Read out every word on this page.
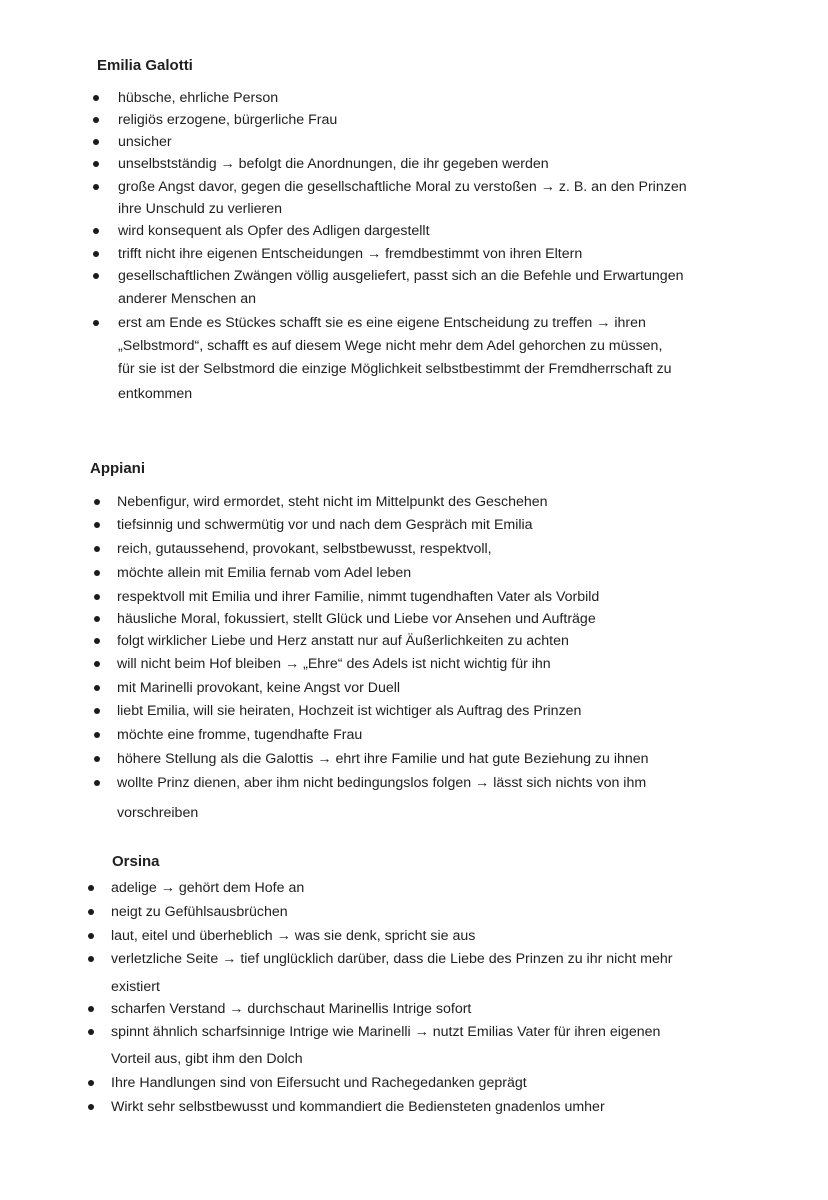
Emilia Galotti

hübsche, ehrliche Person

religiös erzogene, bürgerliche Frau

unsicher

unselbstständig → befolgt die Anordnungen, die ihr gegeben werden

große Angst davor, gegen die gesellschaftliche Moral zu verstoßen → z. B. an den Prinzen

ihre Unschuld zu verlieren

wird konsequent als Opfer des Adligen dargestellt

trifft nicht ihre eigenen Entscheidungen → fremdbestimmt von ihren Eltern

gesellschaftlichen Zwängen völlig ausgeliefert, passt sich an die Befehle und Erwartungen

anderer Menschen an

erst am Ende es Stückes schafft sie es eine eigene Entscheidung zu treffen → ihren

„Selbstmord“, schafft es auf diesem Wege nicht mehr dem Adel gehorchen zu müssen,

für sie ist der Selbstmord die einzige Möglichkeit selbstbestimmt der Fremdherrschaft zu

entkommen

Appiani

Nebenfigur, wird ermordet, steht nicht im Mittelpunkt des Geschehen

tiefsinnig und schwermütig vor und nach dem Gespräch mit Emilia

reich, gutaussehend, provokant, selbstbewusst, respektvoll,

möchte allein mit Emilia fernab vom Adel leben

respektvoll mit Emilia und ihrer Familie, nimmt tugendhaften Vater als Vorbild

häusliche Moral, fokussiert, stellt Glück und Liebe vor Ansehen und Aufträge

folgt wirklicher Liebe und Herz anstatt nur auf Äußerlichkeiten zu achten

will nicht beim Hof bleiben → „Ehre“ des Adels ist nicht wichtig für ihn

mit Marinelli provokant, keine Angst vor Duell

liebt Emilia, will sie heiraten, Hochzeit ist wichtiger als Auftrag des Prinzen

möchte eine fromme, tugendhafte Frau

höhere Stellung als die Galottis → ehrt ihre Familie und hat gute Beziehung zu ihnen

wollte Prinz dienen, aber ihm nicht bedingungslos folgen → lässt sich nichts von ihm

vorschreiben

Orsina

adelige → gehört dem Hofe an

neigt zu Gefühlsausbrüchen

laut, eitel und überheblich → was sie denk, spricht sie aus

verletzliche Seite → tief unglücklich darüber, dass die Liebe des Prinzen zu ihr nicht mehr

existiert

scharfen Verstand → durchschaut Marinellis Intrige sofort

spinnt ähnlich scharfsinnige Intrige wie Marinelli → nutzt Emilias Vater für ihren eigenen

Vorteil aus, gibt ihm den Dolch

Ihre Handlungen sind von Eifersucht und Rachegedanken geprägt

Wirkt sehr selbstbewusst und kommandiert die Bediensteten gnadenlos umher
